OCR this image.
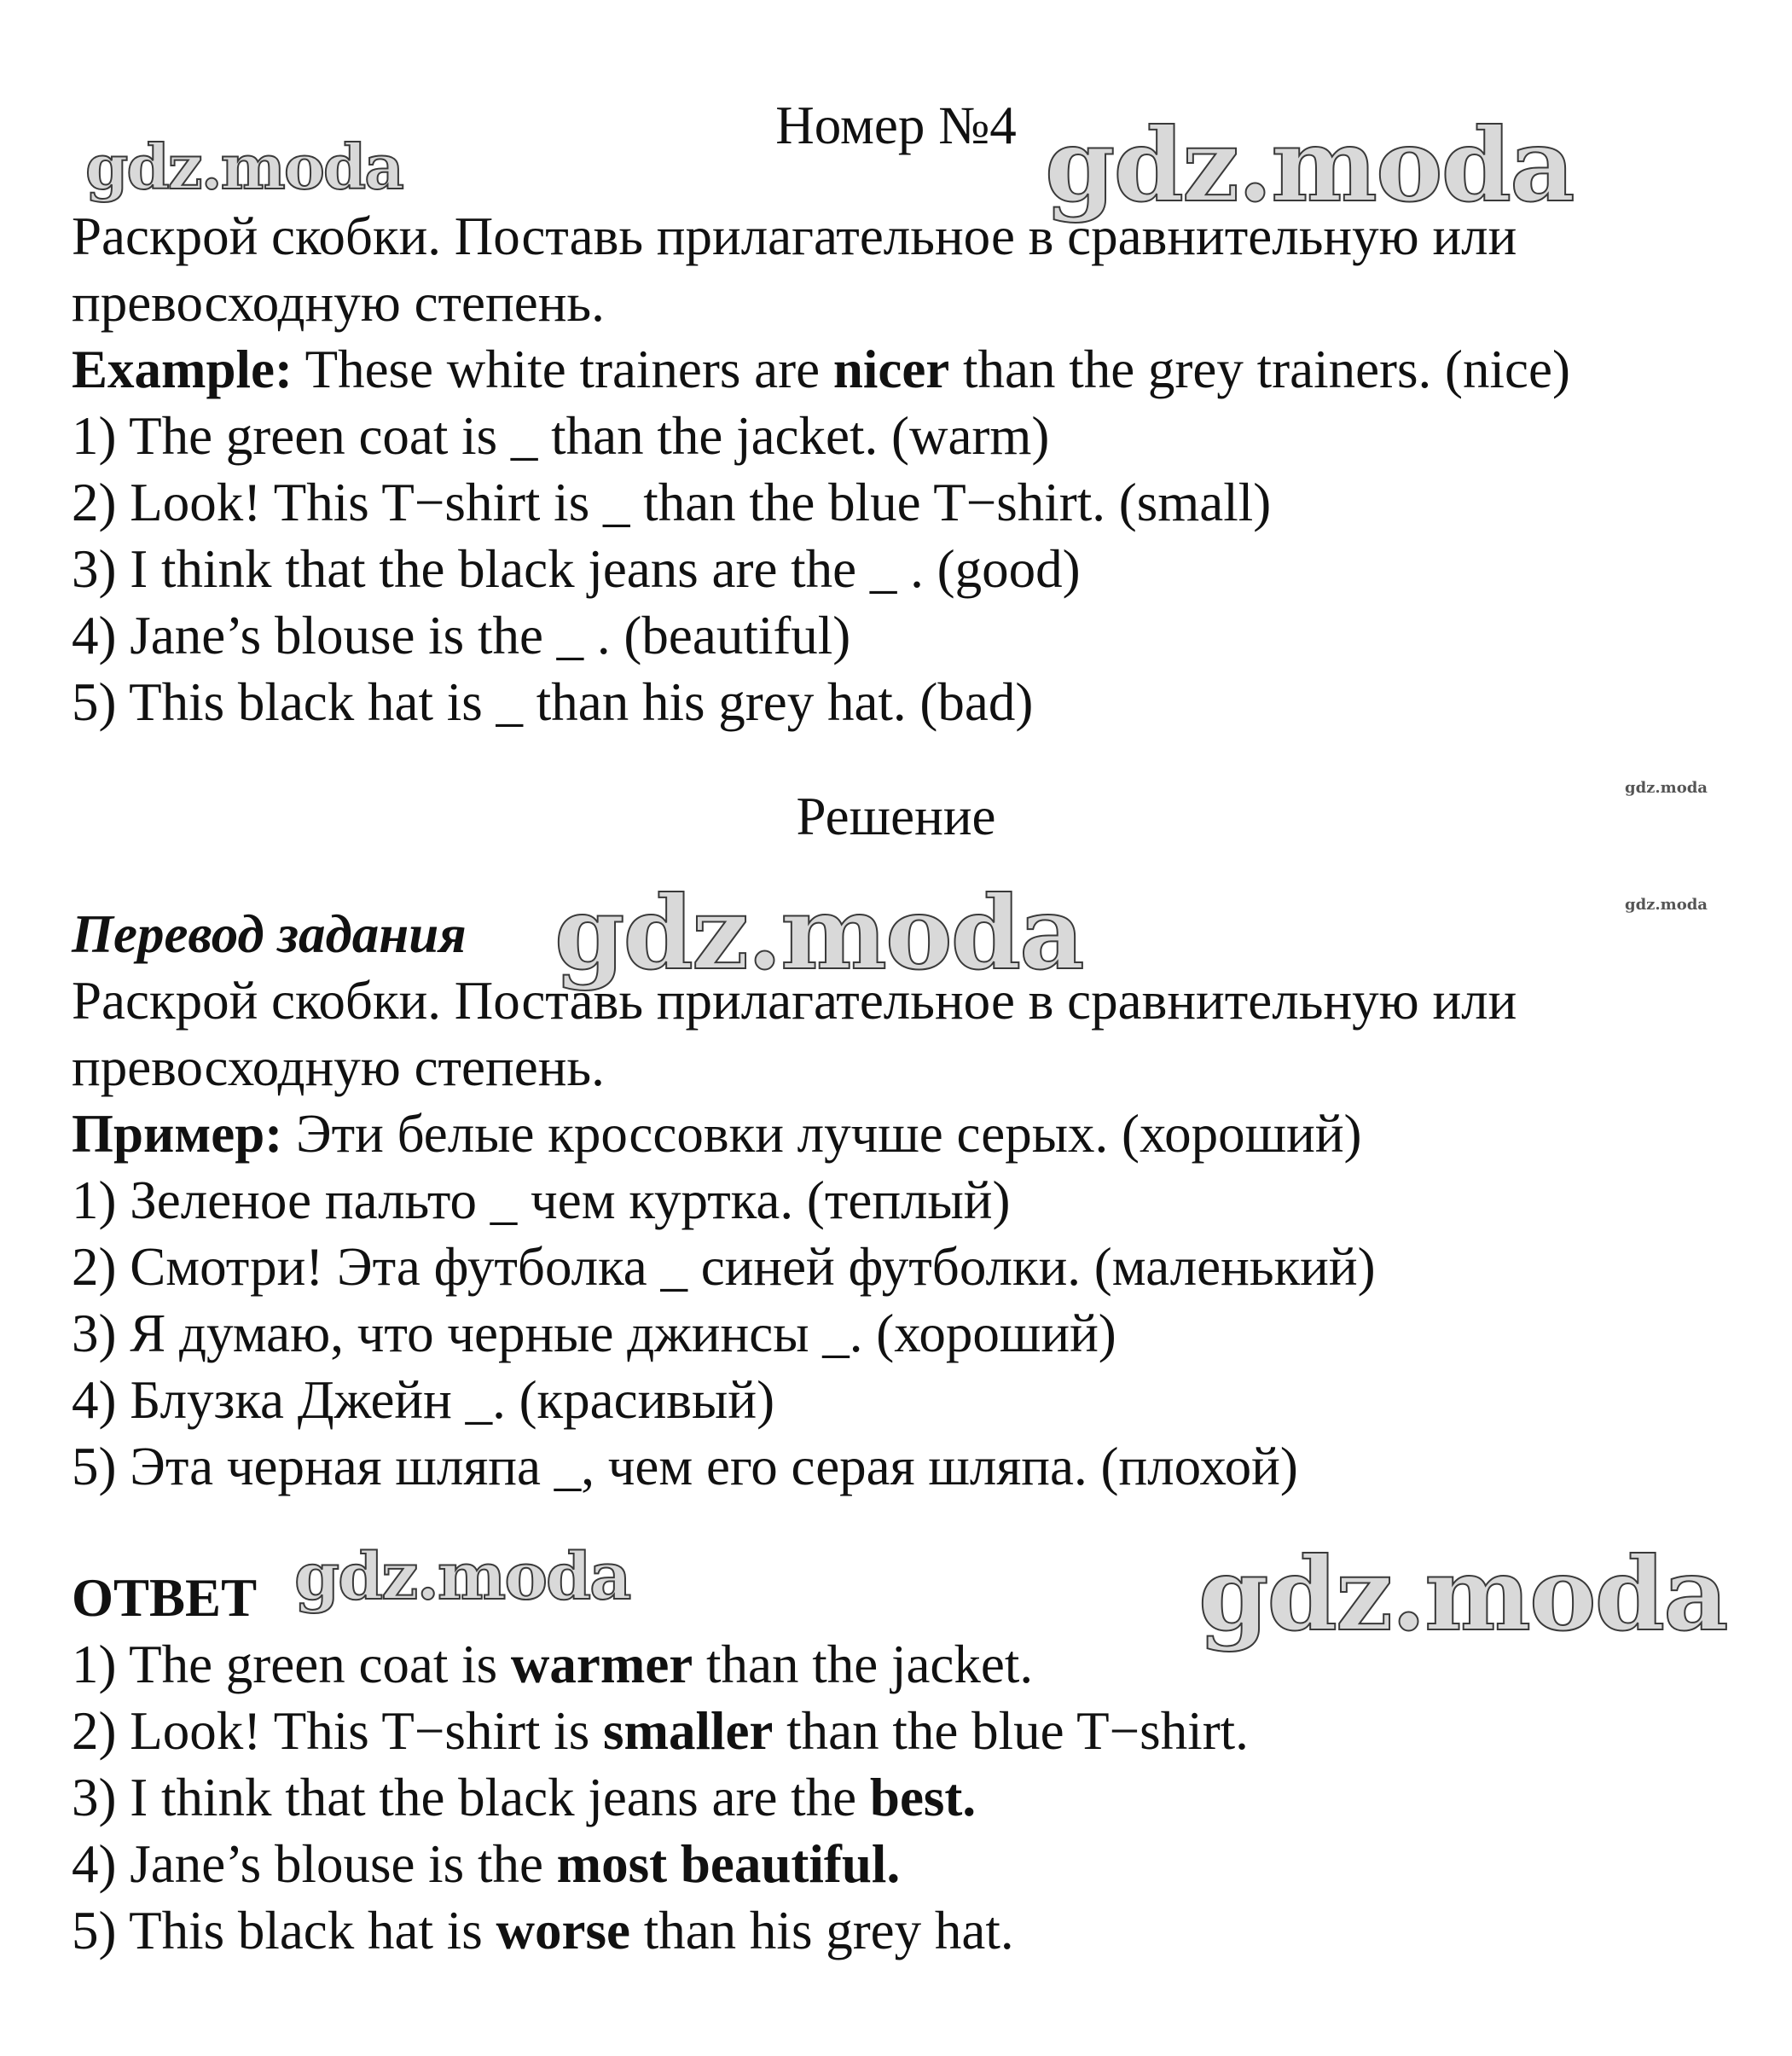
gdz.moda	gdz.moda
gdz.moda
gdz.moda	gdz.moda
gdz.moda	gdz.moda
Номер №4
Раскрой скобки. Поставь прилагательное в сравнительную или
превосходную степень.
Example: These white trainers are nicer than the grey trainers. (nice)
1) The green coat is _ than the jacket. (warm)
2) Look! This T−shirt is _ than the blue T−shirt. (small)
3) I think that the black jeans are the _ . (good)
4) Jane’s blouse is the _ . (beautiful)
5) This black hat is _ than his grey hat. (bad)
Решение
Перевод задания
Раскрой скобки. Поставь прилагательное в сравнительную или
превосходную степень.
Пример: Эти белые кроссовки лучше серых. (хороший)
1) Зеленое пальто _ чем куртка. (теплый)
2) Смотри! Эта футболка _ синей футболки. (маленький)
3) Я думаю, что черные джинсы _. (хороший)
4) Блузка Джейн _. (красивый)
5) Эта черная шляпа _, чем его серая шляпа. (плохой)
ОТВЕТ
1) The green coat is warmer than the jacket.
2) Look! This T−shirt is smaller than the blue T−shirt.
3) I think that the black jeans are the best.
4) Jane’s blouse is the most beautiful.
5) This black hat is worse than his grey hat.
